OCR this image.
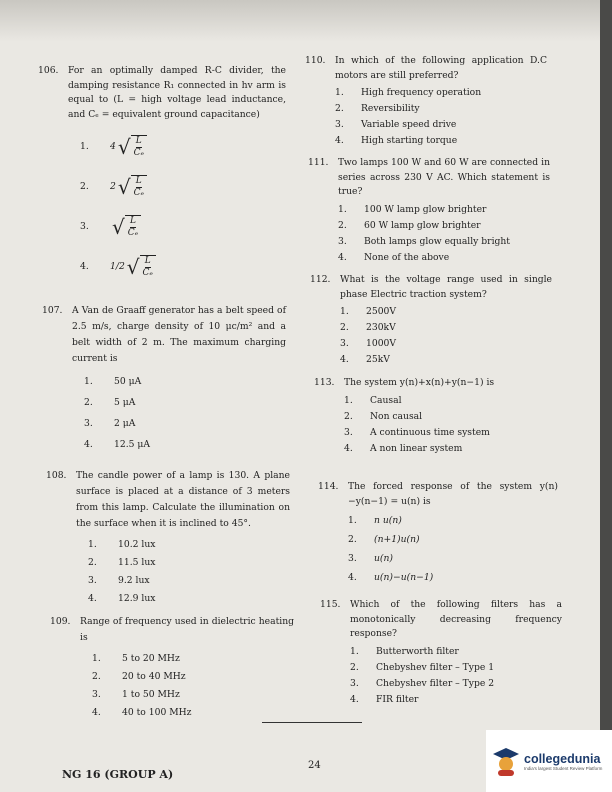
106.	For an optimally damped R-C divider, the damping resistance R₁ connected in hv arm is equal to (L = high voltage lead inductance, and Cₑ = equivalent ground capacitance)
1.	4 √ $\frac{L}{\text{Cₑ}}$
2.	2 √ $\frac{L}{\text{Cₑ}}$
3.	√ $\frac{L}{\text{Cₑ}}$
4.	1/2 √ $\frac{L}{\text{Cₑ}}$
107.	A Van de Graaff generator has a belt speed of 2.5 m/s, charge density of 10 μc/m² and a belt width of 2 m. The maximum charging current is
1.	50 μA
2.	5 μA
3.	2 μA
4.	12.5 μA
108.	The candle power of a lamp is 130. A plane surface is placed at a distance of 3 meters from this lamp. Calculate the illumination on the surface when it is inclined to 45°.
1.	10.2 lux
2.	11.5 lux
3.	9.2 lux
4.	12.9 lux
109.	Range of frequency used in dielectric heating is
1.	5 to 20 MHz
2.	20 to 40 MHz
3.	1 to 50 MHz
4.	40 to 100 MHz
110.	In which of the following application D.C motors are still preferred?
1.	High frequency operation
2.	Reversibility
3.	Variable speed drive
4.	High starting torque
111.	Two lamps 100 W and 60 W are connected in series across 230 V AC. Which statement is true?
1.	100 W lamp glow brighter
2.	60 W lamp glow brighter
3.	Both lamps glow equally bright
4.	None of the above
112.	What is the voltage range used in single phase Electric traction system?
1.	2500V
2.	230kV
3.	1000V
4.	25kV
113.	The system y(n)+x(n)+y(n−1) is
1.	Causal
2.	Non causal
3.	A continuous time system
4.	A non linear system
114.	The forced response of the system y(n)−y(n−1) = u(n) is
1.	n u(n)
2.	(n+1)u(n)
3.	u(n)
4.	u(n)−u(n−1)
115.	Which of the following filters has a monotonically decreasing frequency response?
1.	Butterworth filter
2.	Chebyshev filter – Type 1
3.	Chebyshev filter – Type 2
4.	FIR filter
24
NG 16 (GROUP A)
collegedunia
India's largest Student Review Platform
